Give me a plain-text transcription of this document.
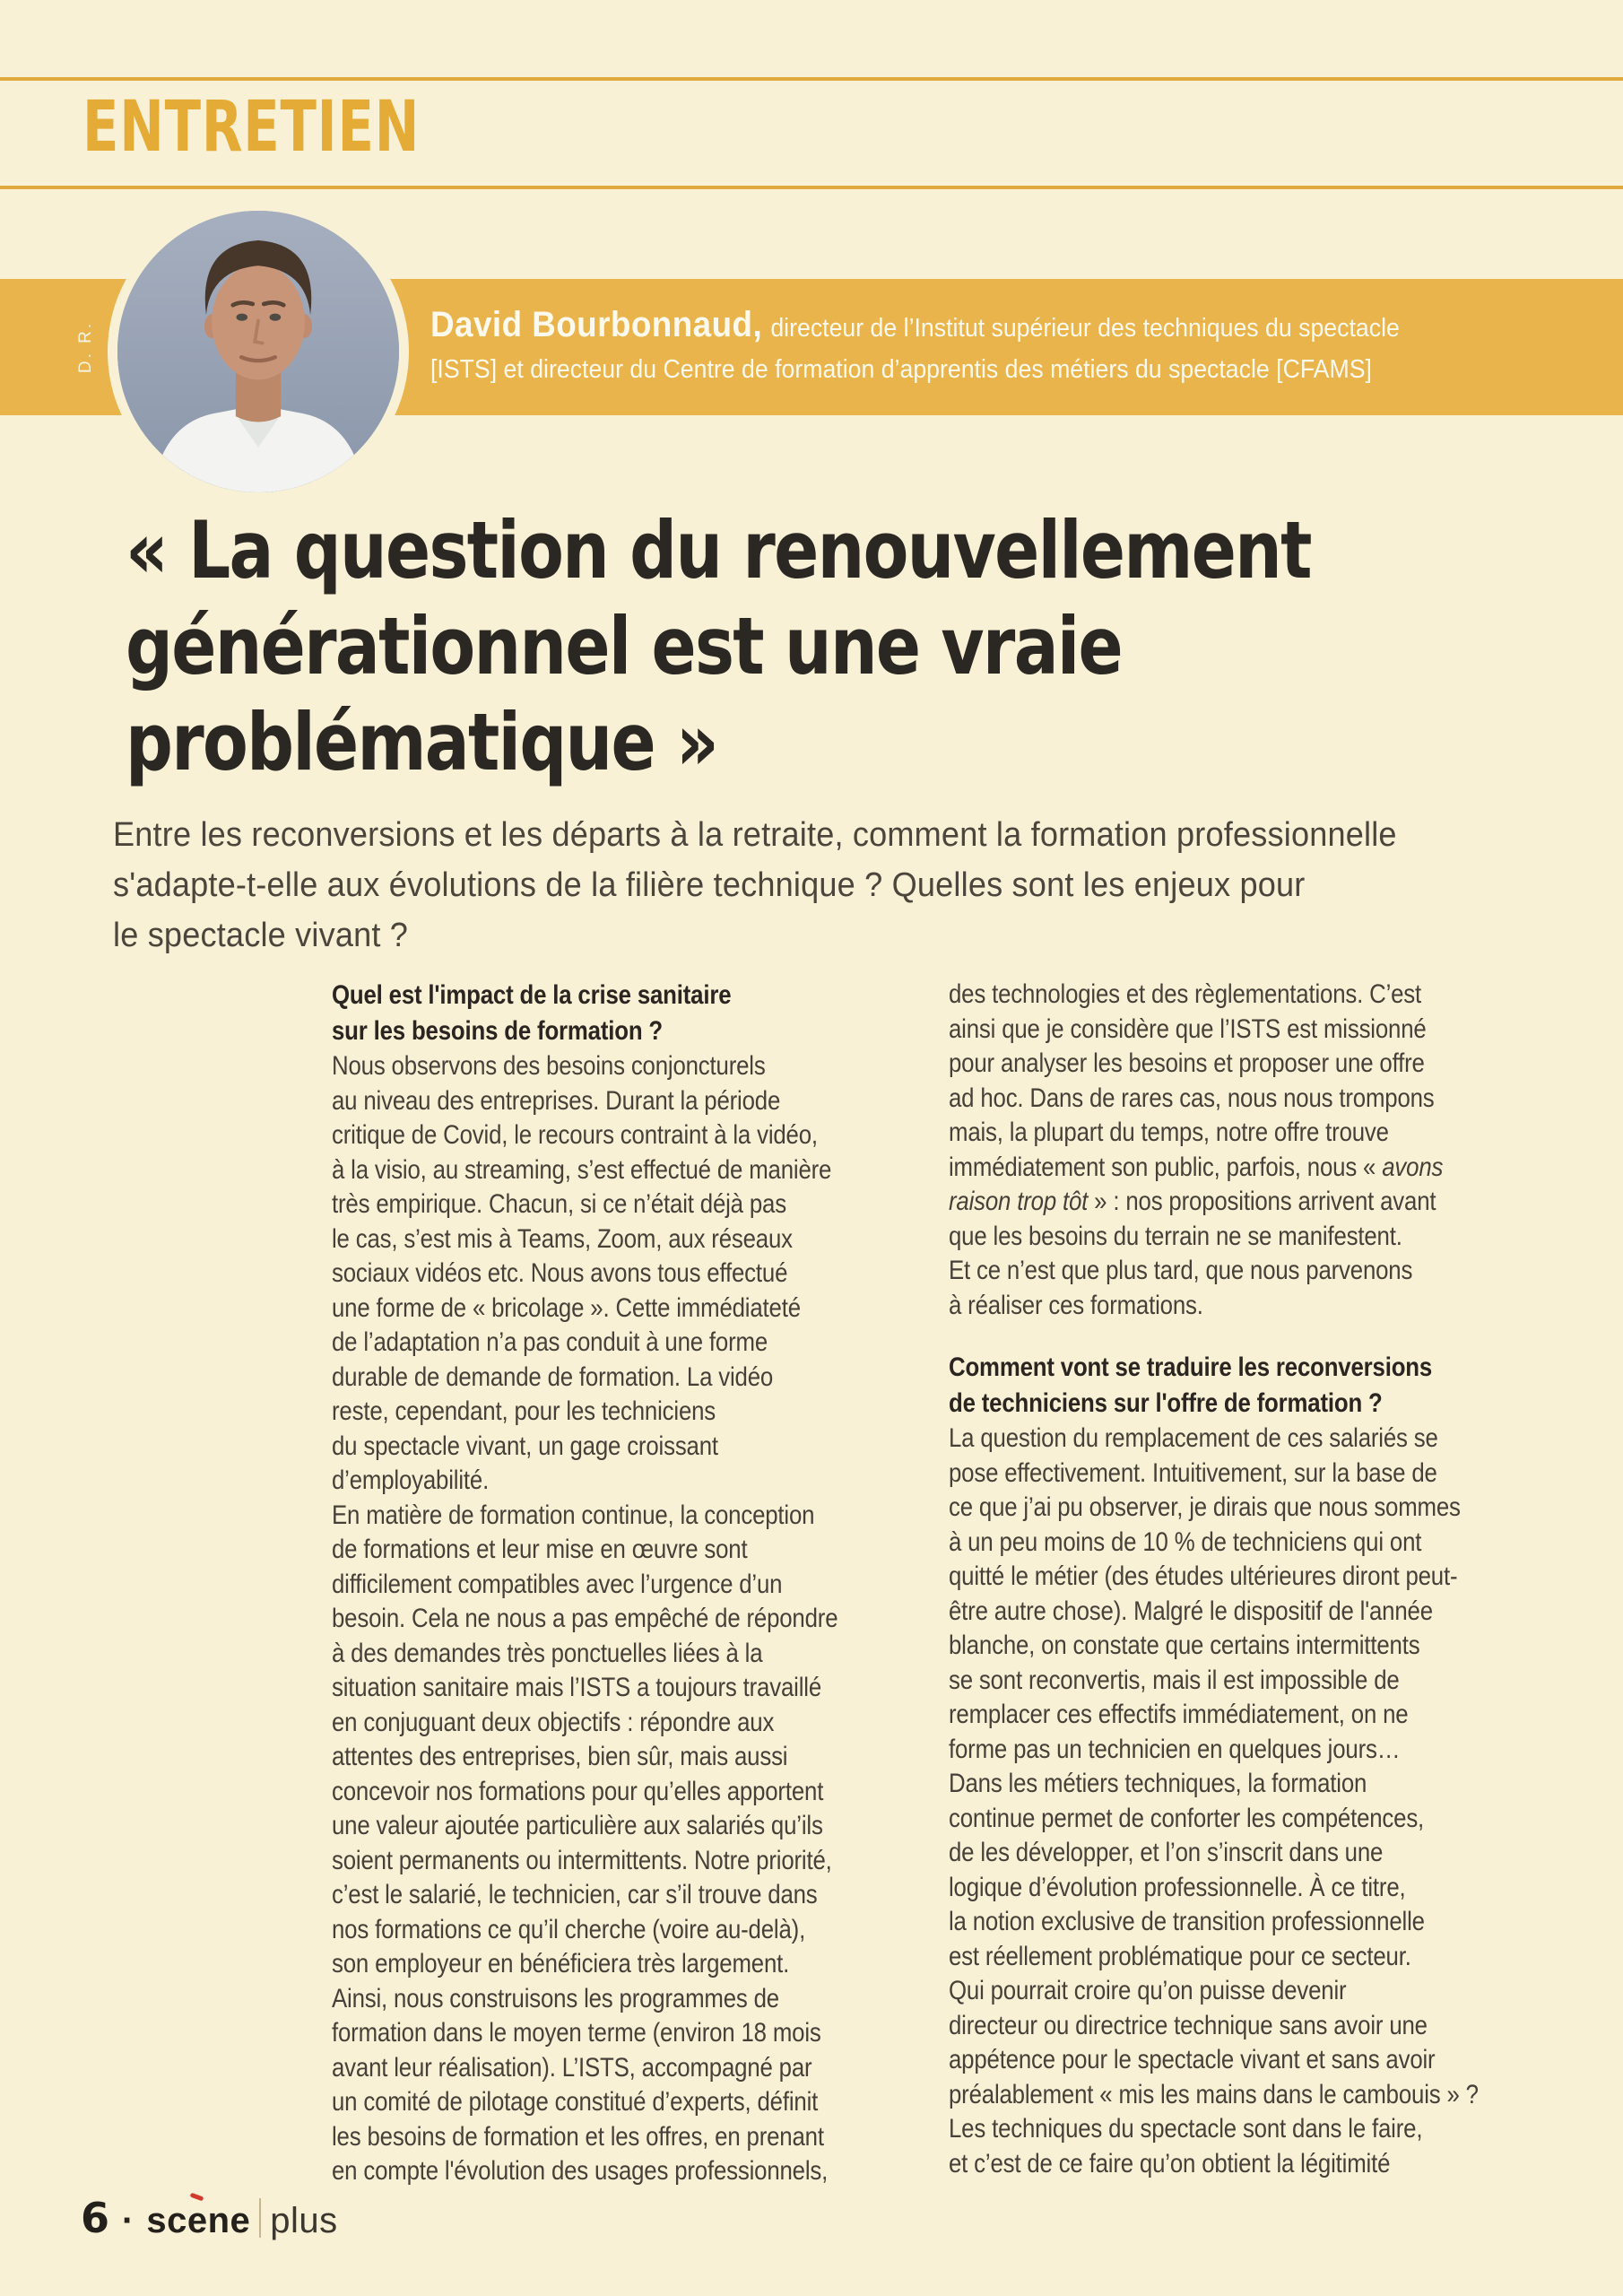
ENTRETIEN
D. R.	David Bourbonnaud, directeur de l’Institut supérieur des techniques du spectacle
[ISTS] et directeur du Centre de formation d’apprentis des métiers du spectacle [CFAMS]
« La question du renouvellement
générationnel est une vraie
problématique »
Entre les reconversions et les départs à la retraite, comment la formation professionnelle
s'adapte-t-elle aux évolutions de la filière technique ? Quelles sont les enjeux pour
le spectacle vivant ?
Quel est l'impact de la crise sanitaire
sur les besoins de formation ?
Nous observons des besoins conjoncturels
au niveau des entreprises. Durant la période
critique de Covid, le recours contraint à la vidéo,
à la visio, au streaming, s’est effectué de manière
très empirique. Chacun, si ce n’était déjà pas
le cas, s’est mis à Teams, Zoom, aux réseaux
sociaux vidéos etc. Nous avons tous effectué
une forme de « bricolage ». Cette immédiateté
de l’adaptation n’a pas conduit à une forme
durable de demande de formation. La vidéo
reste, cependant, pour les techniciens
du spectacle vivant, un gage croissant
d’employabilité.
En matière de formation continue, la conception
de formations et leur mise en œuvre sont
difficilement compatibles avec l’urgence d’un
besoin. Cela ne nous a pas empêché de répondre
à des demandes très ponctuelles liées à la
situation sanitaire mais l’ISTS a toujours travaillé
en conjuguant deux objectifs : répondre aux
attentes des entreprises, bien sûr, mais aussi
concevoir nos formations pour qu’elles apportent
une valeur ajoutée particulière aux salariés qu’ils
soient permanents ou intermittents. Notre priorité,
c’est le salarié, le technicien, car s’il trouve dans
nos formations ce qu’il cherche (voire au-delà),
son employeur en bénéficiera très largement.
Ainsi, nous construisons les programmes de
formation dans le moyen terme (environ 18 mois
avant leur réalisation). L’ISTS, accompagné par
un comité de pilotage constitué d’experts, définit
les besoins de formation et les offres, en prenant
en compte l'évolution des usages professionnels,
des technologies et des règlementations. C’est
ainsi que je considère que l’ISTS est missionné
pour analyser les besoins et proposer une offre
ad hoc. Dans de rares cas, nous nous trompons
mais, la plupart du temps, notre offre trouve
immédiatement son public, parfois, nous « avons
raison trop tôt » : nos propositions arrivent avant
que les besoins du terrain ne se manifestent.
Et ce n’est que plus tard, que nous parvenons
à réaliser ces formations.
Comment vont se traduire les reconversions
de techniciens sur l'offre de formation ?
La question du remplacement de ces salariés se
pose effectivement. Intuitivement, sur la base de
ce que j’ai pu observer, je dirais que nous sommes
à un peu moins de 10 % de techniciens qui ont
quitté le métier (des études ultérieures diront peut-
être autre chose). Malgré le dispositif de l'année
blanche, on constate que certains intermittents
se sont reconvertis, mais il est impossible de
remplacer ces effectifs immédiatement, on ne
forme pas un technicien en quelques jours…
Dans les métiers techniques, la formation
continue permet de conforter les compétences,
de les développer, et l’on s’inscrit dans une
logique d’évolution professionnelle. À ce titre,
la notion exclusive de transition professionnelle
est réellement problématique pour ce secteur.
Qui pourrait croire qu’on puisse devenir
directeur ou directrice technique sans avoir une
appétence pour le spectacle vivant et sans avoir
préalablement « mis les mains dans le cambouis » ?
Les techniques du spectacle sont dans le faire,
et c’est de ce faire qu’on obtient la légitimité
6 · scene plus
